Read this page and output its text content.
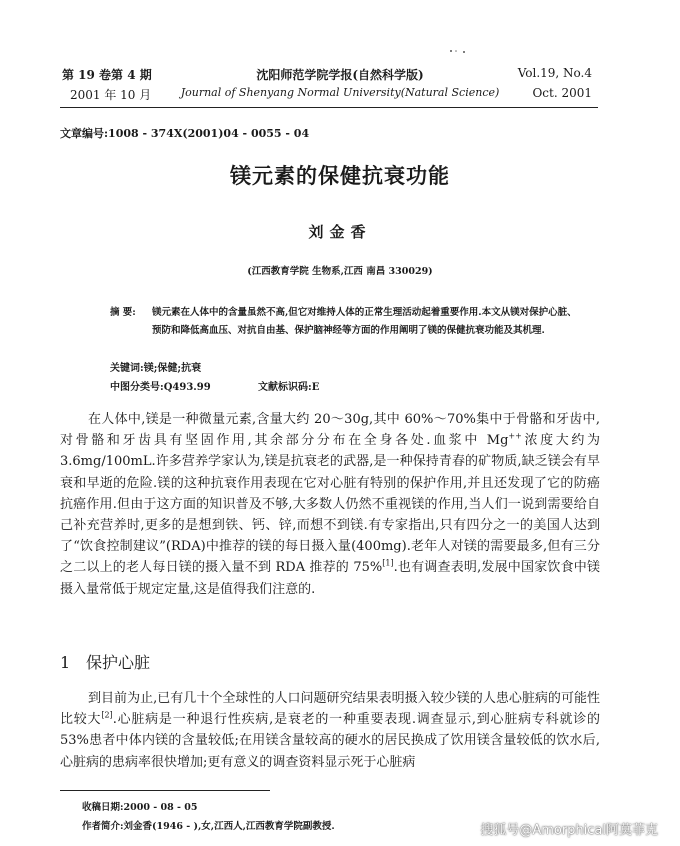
第 19 卷第 4 期
2001 年 10 月
沈阳师范学院学报(自然科学版)
Journal of Shenyang Normal University(Natural Science)
Vol.19, No.4
Oct. 2001
文章编号:1008 - 374X(2001)04 - 0055 - 04
镁元素的保健抗衰功能
刘金香
(江西教育学院 生物系,江西 南昌 330029)
摘 要:	镁元素在人体中的含量虽然不高,但它对维持人体的正常生理活动起着重要作用.本文从镁对保护心脏、预防和降低高血压、对抗自由基、保护脑神经等方面的作用阐明了镁的保健抗衰功能及其机理.
关键词:镁;保健;抗衰
中图分类号:Q493.99	文献标识码:E

在人体中,镁是一种微量元素,含量大约 20～30g,其中 60%～70%集中于骨骼和牙齿中,对骨骼和牙齿具有坚固作用,其余部分分布在全身各处.血浆中 Mg++浓度大约为 3.6mg/100mL.许多营养学家认为,镁是抗衰老的武器,是一种保持青春的矿物质,缺乏镁会有早衰和早逝的危险.镁的这种抗衰作用表现在它对心脏有特别的保护作用,并且还发现了它的防癌抗癌作用.但由于这方面的知识普及不够,大多数人仍然不重视镁的作用,当人们一说到需要给自己补充营养时,更多的是想到铁、钙、锌,而想不到镁.有专家指出,只有四分之一的美国人达到了“饮食控制建议”(RDA)中推荐的镁的每日摄入量(400mg).老年人对镁的需要最多,但有三分之二以上的老人每日镁的摄入量不到 RDA 推荐的 75%[1].也有调查表明,发展中国家饮食中镁摄入量常低于规定定量,这是值得我们注意的.

1 保护心脏

到目前为止,已有几十个全球性的人口问题研究结果表明摄入较少镁的人患心脏病的可能性比较大[2].心脏病是一种退行性疾病,是衰老的一种重要表现.调查显示,到心脏病专科就诊的 53%患者中体内镁的含量较低;在用镁含量较高的硬水的居民换成了饮用镁含量较低的饮水后,心脏病的患病率很快增加;更有意义的调查资料显示死于心脏病

收稿日期:2000 - 08 - 05
作者简介:刘金香(1946 - ),女,江西人,江西教育学院副教授.	搜狐号@Amorphical阿莫菲克
